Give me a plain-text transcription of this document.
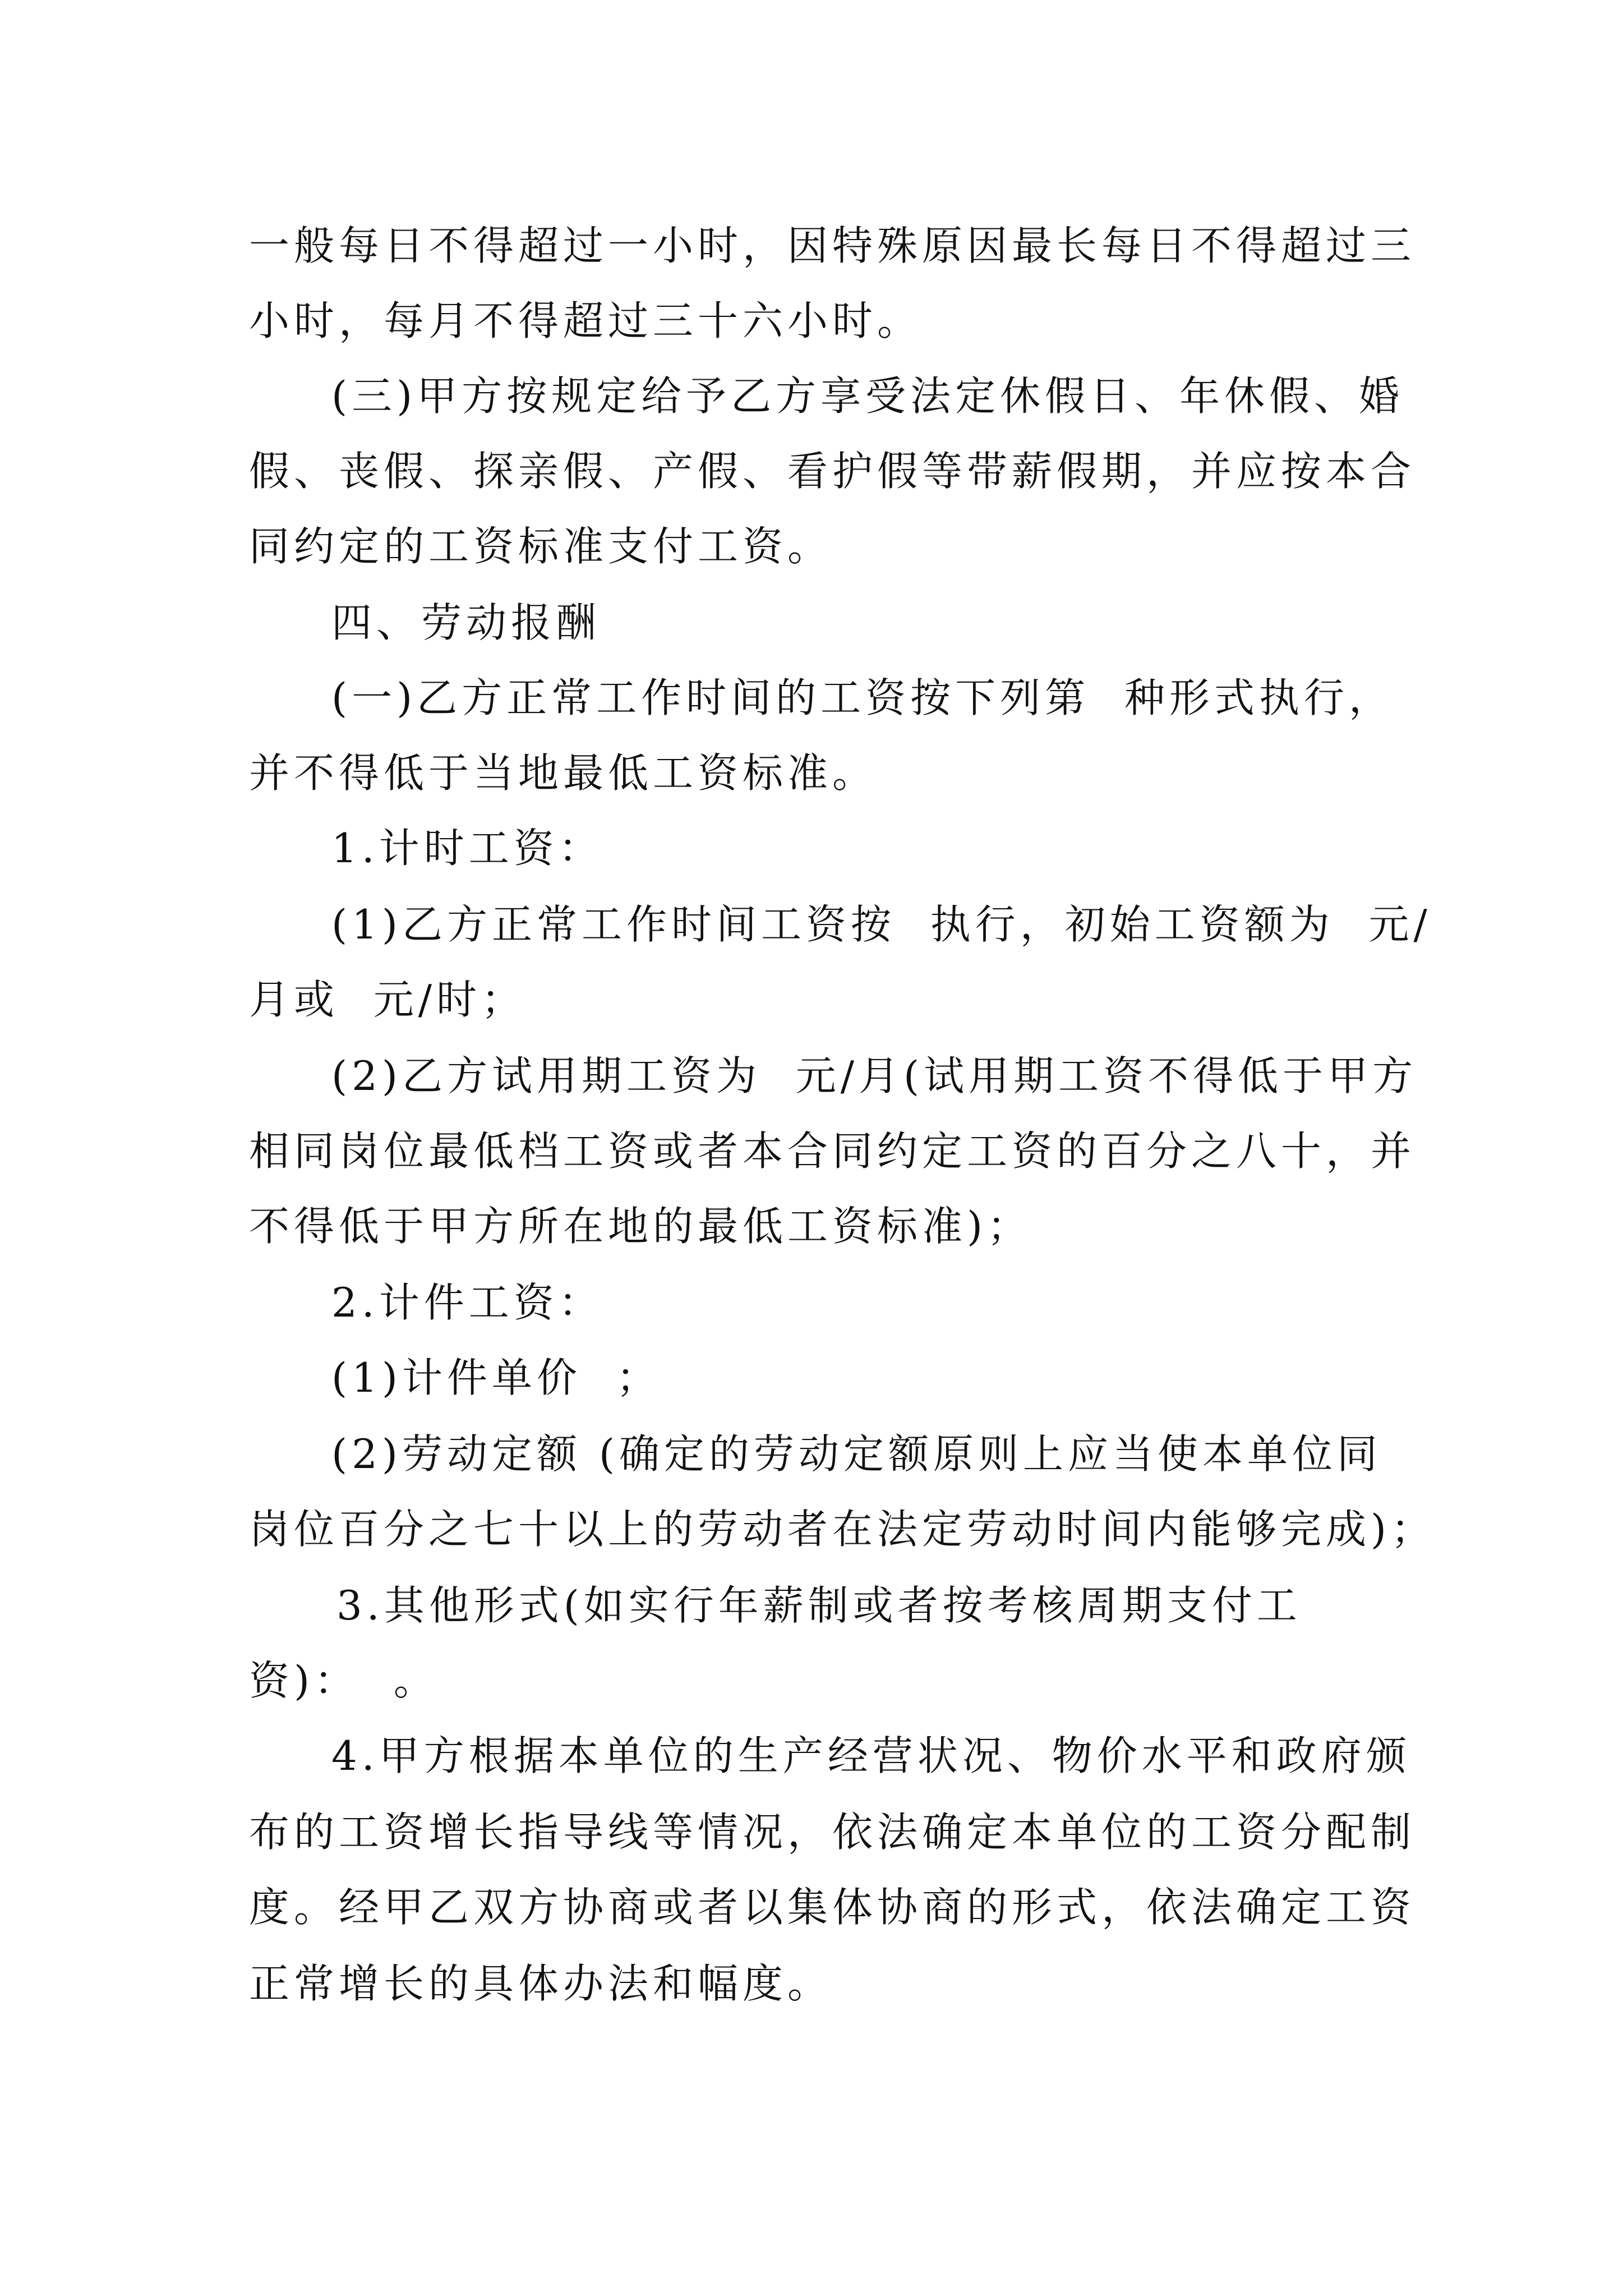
一般每日不得超过一小时，因特殊原因最长每日不得超过三
小时，每月不得超过三十六小时。
(三)甲方按规定给予乙方享受法定休假日、年休假、婚
假、丧假、探亲假、产假、看护假等带薪假期，并应按本合
同约定的工资标准支付工资。
四、劳动报酬
(一)乙方正常工作时间的工资按下列第  种形式执行，
并不得低于当地最低工资标准。
1.计时工资：
(1)乙方正常工作时间工资按  执行，初始工资额为  元/
月或  元/时；
(2)乙方试用期工资为  元/月(试用期工资不得低于甲方
相同岗位最低档工资或者本合同约定工资的百分之八十，并
不得低于甲方所在地的最低工资标准)；
2.计件工资：
(1)计件单价  ；
(2)劳动定额 (确定的劳动定额原则上应当使本单位同
岗位百分之七十以上的劳动者在法定劳动时间内能够完成)；
3.其他形式(如实行年薪制或者按考核周期支付工
资)：  。
4.甲方根据本单位的生产经营状况、物价水平和政府颁
布的工资增长指导线等情况，依法确定本单位的工资分配制
度。经甲乙双方协商或者以集体协商的形式，依法确定工资
正常增长的具体办法和幅度。
